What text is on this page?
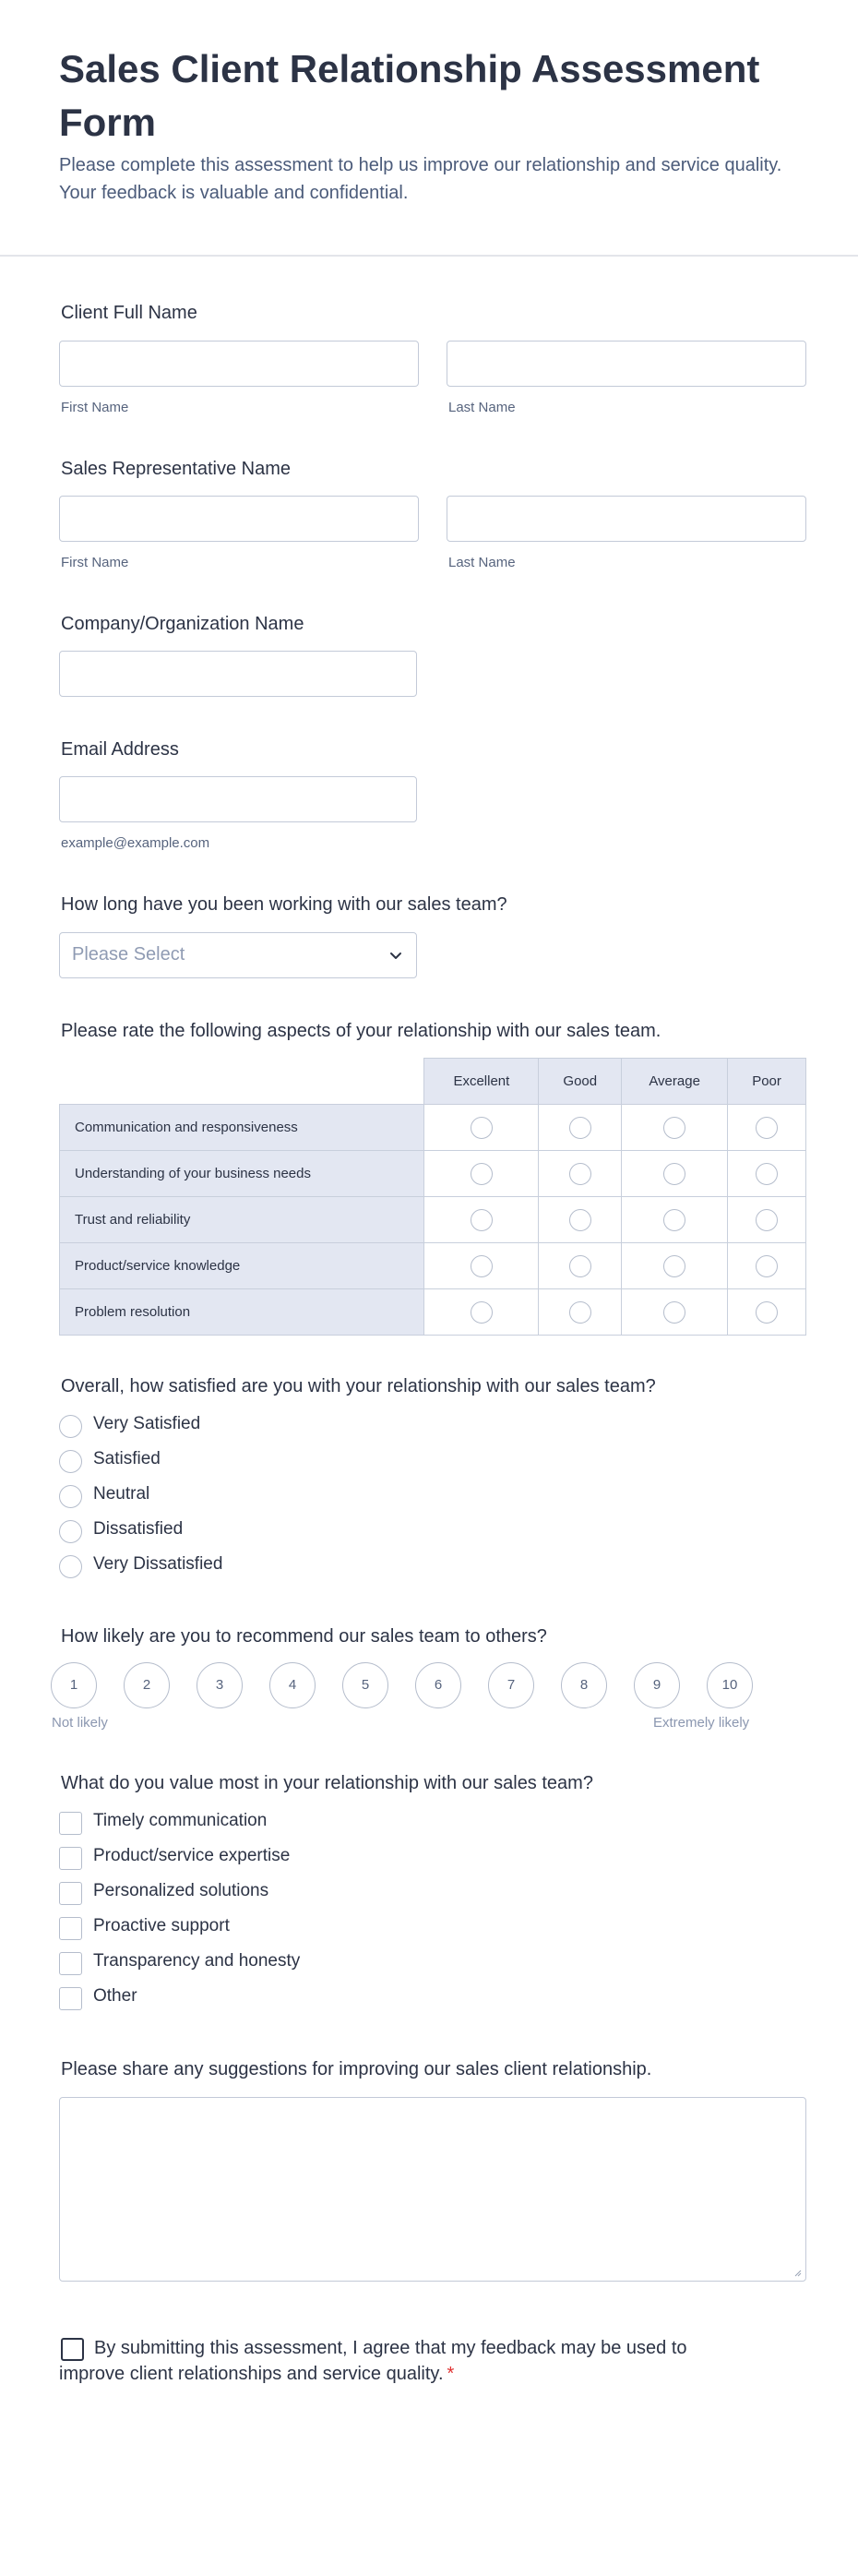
Sales Client Relationship Assessment Form

Please complete this assessment to help us improve our relationship and service quality. Your feedback is valuable and confidential.

Client Full Name
First Name	Last Name
Sales Representative Name
First Name	Last Name
Company/Organization Name
Email Address
example@example.com
How long have you been working with our sales team?
Please Select
Please rate the following aspects of your relationship with our sales team.
	Excellent	Good	Average	Poor
Communication and responsiveness				
Understanding of your business needs				
Trust and reliability				
Product/service knowledge				
Problem resolution				
Overall, how satisfied are you with your relationship with our sales team?
Very Satisfied
Satisfied
Neutral
Dissatisfied
Very Dissatisfied
How likely are you to recommend our sales team to others?
1	2	3	4	5	6	7	8	9	10
Not likely	Extremely likely
What do you value most in your relationship with our sales team?
Timely communication
Product/service expertise
Personalized solutions
Proactive support
Transparency and honesty
Other
Please share any suggestions for improving our sales client relationship.
By submitting this assessment, I agree that my feedback may be used to improve client relationships and service quality. *
